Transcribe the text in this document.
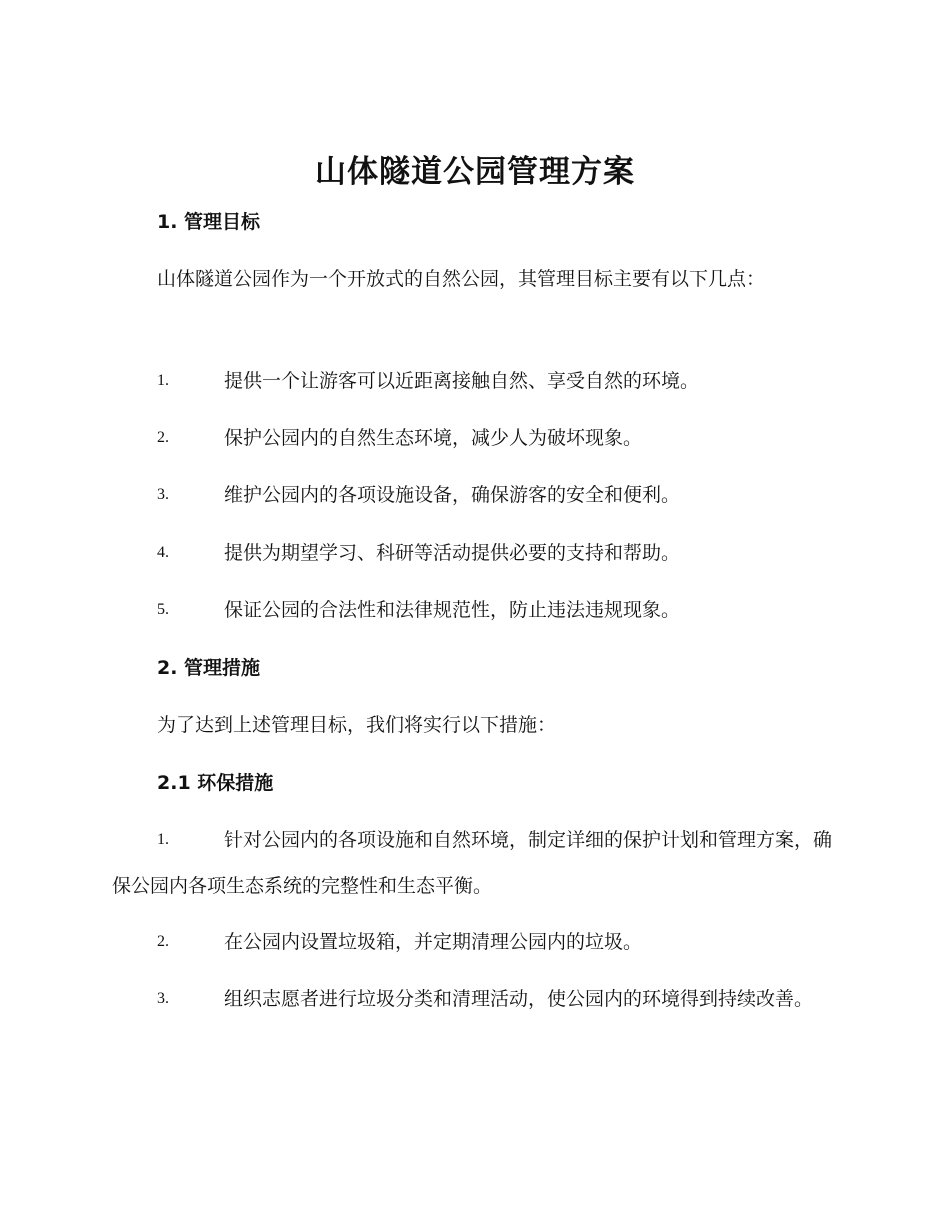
山体隧道公园管理方案
1. 管理目标

山体隧道公园作为一个开放式的自然公园，其管理目标主要有以下几点：

1.	提供一个让游客可以近距离接触自然、享受自然的环境。
2.	保护公园内的自然生态环境，减少人为破坏现象。
3.	维护公园内的各项设施设备，确保游客的安全和便利。
4.	提供为期望学习、科研等活动提供必要的支持和帮助。
5.	保证公园的合法性和法律规范性，防止违法违规现象。
2. 管理措施

为了达到上述管理目标，我们将实行以下措施：

2.1 环保措施
1.	针对公园内的各项设施和自然环境，制定详细的保护计划和管理方案，确保公园内各项生态系统的完整性和生态平衡。
2.	在公园内设置垃圾箱，并定期清理公园内的垃圾。
3.	组织志愿者进行垃圾分类和清理活动，使公园内的环境得到持续改善。
